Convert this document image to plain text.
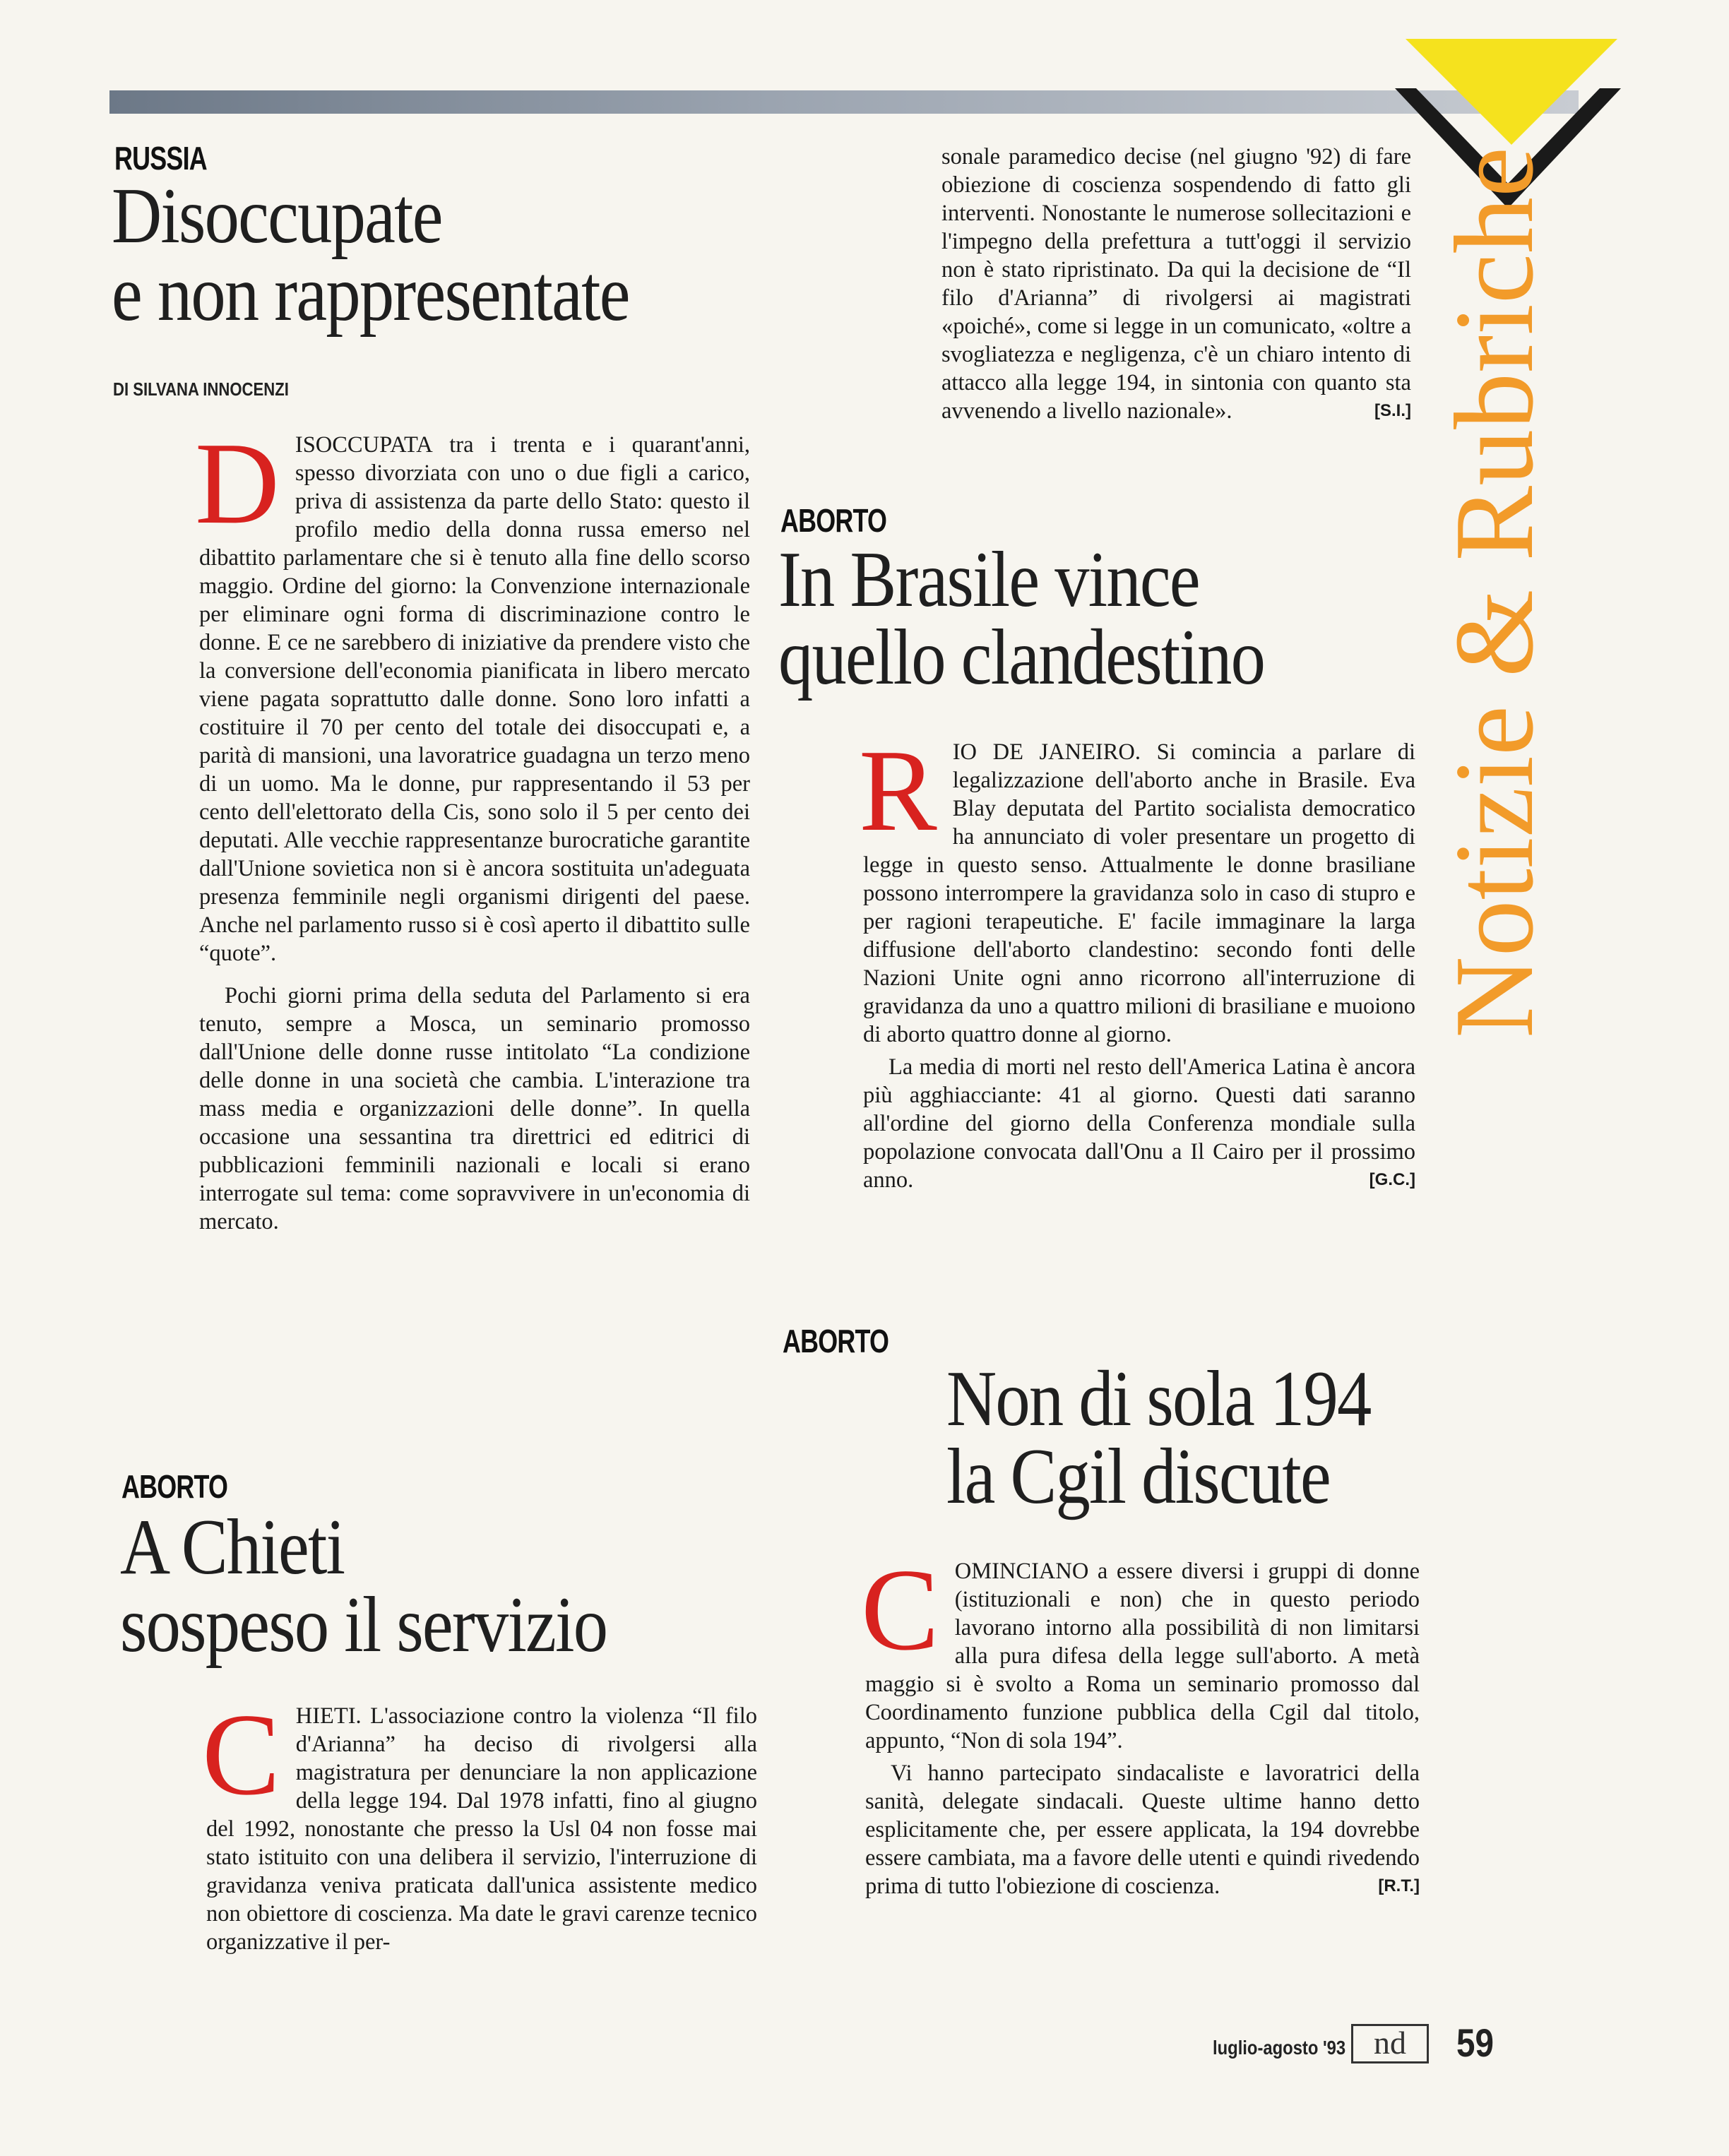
Notizie & Rubriche
RUSSIA
Disoccupate
e non rappresentate
DI SILVANA INNOCENZI

DISOCCUPATA tra i trenta e i quarant'anni, spesso divorziata con uno o due figli a carico, priva di assistenza da parte dello Stato: questo il profilo medio della donna russa emerso nel dibattito parlamentare che si è tenuto alla fine dello scorso maggio. Ordine del giorno: la Convenzione internazionale per eliminare ogni forma di discriminazione contro le donne. E ce ne sarebbero di iniziative da prendere visto che la conversione dell'economia pianificata in libero mercato viene pagata soprattutto dalle donne. Sono loro infatti a costituire il 70 per cento del totale dei disoccupati e, a parità di mansioni, una lavoratrice guadagna un terzo meno di un uomo. Ma le donne, pur rappresentando il 53 per cento dell'elettorato della Cis, sono solo il 5 per cento dei deputati. Alle vecchie rappresentanze burocratiche garantite dall'Unione sovietica non si è ancora sostituita un'adeguata presenza femminile negli organismi dirigenti del paese. Anche nel parlamento russo si è così aperto il dibattito sulle “quote”.

Pochi giorni prima della seduta del Parlamento si era tenuto, sempre a Mosca, un seminario promosso dall'Unione delle donne russe intitolato “La condizione delle donne in una società che cambia. L'interazione tra mass media e organizzazioni delle donne”. In quella occasione una sessantina tra direttrici ed editrici di pubblicazioni femminili nazionali e locali si erano interrogate sul tema: come sopravvivere in un'economia di mercato.

ABORTO
A Chieti
sospeso il servizio

CHIETI. L'associazione contro la violenza “Il filo d'Arianna” ha deciso di rivolgersi alla magistratura per denunciare la non applicazione della legge 194. Dal 1978 infatti, fino al giugno del 1992, nonostante che presso la Usl 04 non fosse mai stato istituito con una delibera il servizio, l'interruzione di gravidanza veniva praticata dall'unica assistente medico non obiettore di coscienza. Ma date le gravi carenze tecnico organizzative il per-

sonale paramedico decise (nel giugno '92) di fare obiezione di coscienza sospendendo di fatto gli interventi. Nonostante le numerose sollecitazioni e l'impegno della prefettura a tutt'oggi il servizio non è stato ripristinato. Da qui la decisione de “Il filo d'Arianna” di rivolgersi ai magistrati «poiché», come si legge in un comunicato, «oltre a svogliatezza e negligenza, c'è un chiaro intento di attacco alla legge 194, in sintonia con quanto sta avvenendo a livello nazionale».	[S.I.]

ABORTO
In Brasile vince
quello clandestino

RIO DE JANEIRO. Si comincia a parlare di legalizzazione dell'aborto anche in Brasile. Eva Blay deputata del Partito socialista democratico ha annunciato di voler presentare un progetto di legge in questo senso. Attualmente le donne brasiliane possono interrompere la gravidanza solo in caso di stupro e per ragioni terapeutiche. E' facile immaginare la larga diffusione dell'aborto clandestino: secondo fonti delle Nazioni Unite ogni anno ricorrono all'interruzione di gravidanza da uno a quattro milioni di brasiliane e muoiono di aborto quattro donne al giorno.

La media di morti nel resto dell'America Latina è ancora più agghiacciante: 41 al giorno. Questi dati saranno all'ordine del giorno della Conferenza mondiale sulla popolazione convocata dall'Onu a Il Cairo per il prossimo anno.	[G.C.]

ABORTO
Non di sola 194
la Cgil discute

COMINCIANO a essere diversi i gruppi di donne (istituzionali e non) che in questo periodo lavorano intorno alla possibilità di non limitarsi alla pura difesa della legge sull'aborto. A metà maggio si è svolto a Roma un seminario promosso dal Coordinamento funzione pubblica della Cgil dal titolo, appunto, “Non di sola 194”.

Vi hanno partecipato sindacaliste e lavoratrici della sanità, delegate sindacali. Queste ultime hanno detto esplicitamente che, per essere applicata, la 194 dovrebbe essere cambiata, ma a favore delle utenti e quindi rivedendo prima di tutto l'obiezione di coscienza.	[R.T.]

luglio-agosto '93 nd	59
